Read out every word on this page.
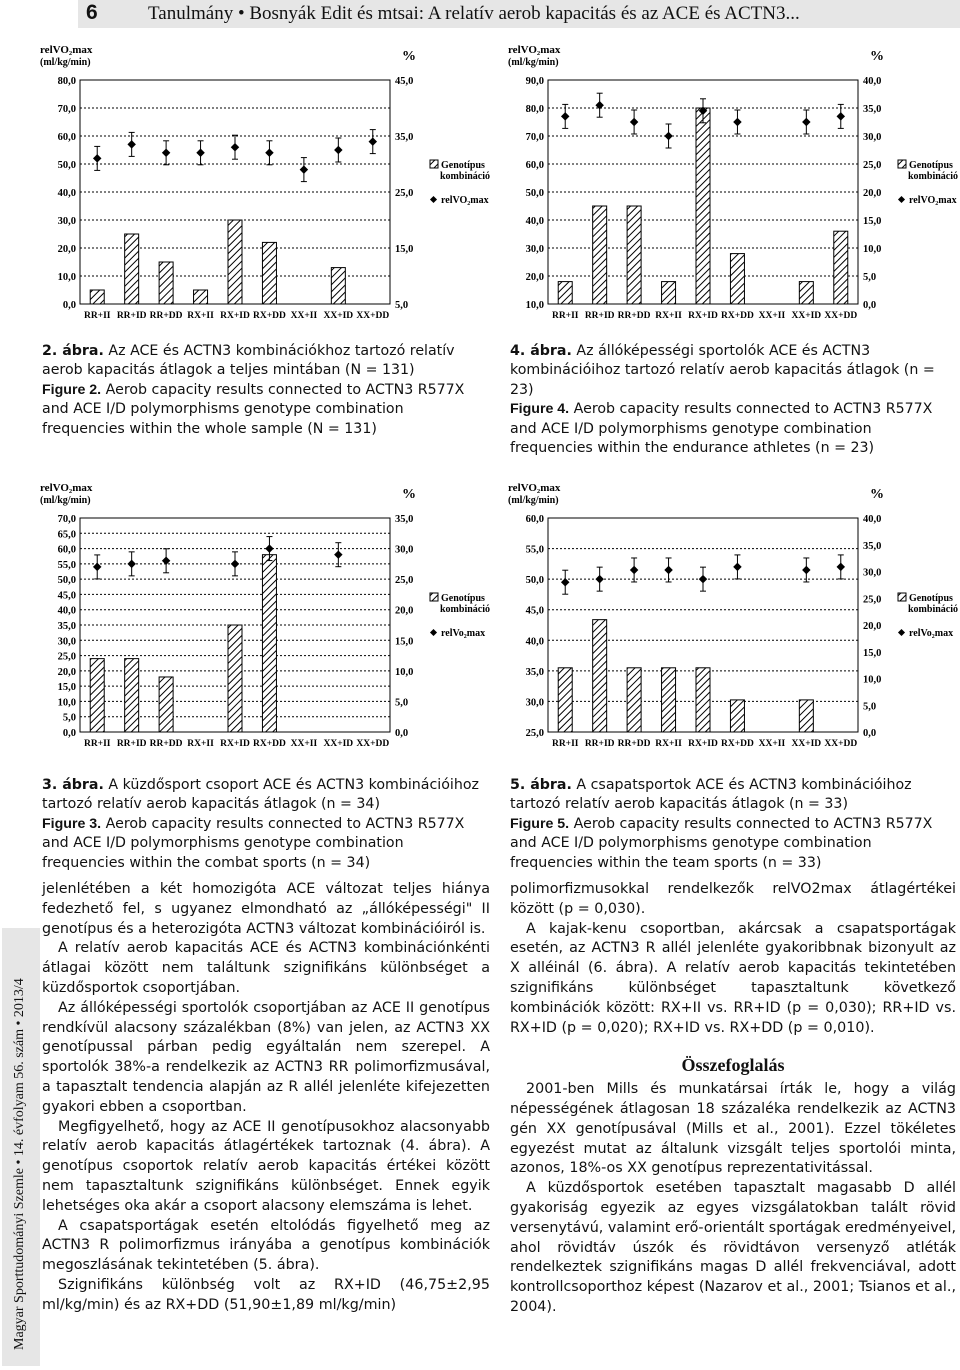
6	Tanulmány • Bosnyák Edit és mtsai: A relatív aerob kapacitás és az ACE és ACTN3...
Magyar Sporttudományi Szemle • 14. évfolyam 56. szám • 2013/4
relVO₂max
(ml/kg/min)	%
0,0
10,0
20,0
30,0
40,0
50,0
60,0
70,0
80,0
5,0
15,0
25,0
35,0
45,0
RR+II RR+ID RR+DD RX+II RX+ID RX+DD XX+II XX+ID XX+DD
Genotípus kombináció
relVO₂max
relVO₂max
(ml/kg/min)	%
10,0
20,0
30,0
40,0
50,0
60,0
70,0
80,0
90,0
0,0
5,0
10,0
15,0
20,0
25,0
30,0
35,0
40,0
RR+II RR+ID RR+DD RX+II RX+ID RX+DD XX+II XX+ID XX+DD
Genotípus kombináció
relVO₂max
relVO₂max
(ml/kg/min)	%
0,0
5,0
10,0
15,0
20,0
25,0
30,0
35,0
40,0
45,0
50,0
55,0
60,0
65,0
70,0
0,0
5,0
10,0
15,0
20,0
25,0
30,0
35,0
RR+II RR+ID RR+DD RX+II RX+ID RX+DD XX+II XX+ID XX+DD
Genotípus kombináció
relVo₂max
relVO₂max
(ml/kg/min)	%
25,0
30,0
35,0
40,0
45,0
50,0
55,0
60,0
0,0
5,0
10,0
15,0
20,0
25,0
30,0
35,0
40,0
RR+II RR+ID RR+DD RX+II RX+ID RX+DD XX+II XX+ID XX+DD
Genotípus kombináció
relVo₂max
2. ábra. Az ACE és ACTN3 kombinációkhoz tartozó relatív aerob kapacitás átlagok a teljes mintában (N = 131)
Figure 2. Aerob capacity results connected to ACTN3 R577X and ACE I/D polymorphisms genotype combination frequencies within the whole sample (N = 131)
4. ábra. Az állóképességi sportolók ACE és ACTN3 kombinációihoz tartozó relatív aerob kapacitás átlagok (n = 23)
Figure 4. Aerob capacity results connected to ACTN3 R577X and ACE I/D polymorphisms genotype combination frequencies within the endurance athletes (n = 23)
3. ábra. A küzdősport csoport ACE és ACTN3 kombinációihoz tartozó relatív aerob kapacitás átlagok (n = 34)
Figure 3. Aerob capacity results connected to ACTN3 R577X and ACE I/D polymorphisms genotype combination frequencies within the combat sports (n = 34)
5. ábra. A csapatsportok ACE és ACTN3 kombinációihoz tartozó relatív aerob kapacitás átlagok (n = 33)
Figure 5. Aerob capacity results connected to ACTN3 R577X and ACE I/D polymorphisms genotype combination frequencies within the team sports (n = 33)

jelenlétében a két homozigóta ACE változat teljes hiánya fedezhető fel, s ugyanez elmondható az „állóképességi" II genotípus és a heterozigóta ACTN3 változat kombinációiról is.

A relatív aerob kapacitás ACE és ACTN3 kombinációnkénti átlagai között nem találtunk szignifikáns különbséget a küzdősportok csoportjában.

Az állóképességi sportolók csoportjában az ACE II genotípus rendkívül alacsony százalékban (8%) van jelen, az ACTN3 XX genotípussal párban pedig egyáltalán nem szerepel. A sportolók 38%-a rendelkezik az ACTN3 RR polimorfizmusával, a tapasztalt tendencia alapján az R allél jelenléte kifejezetten gyakori ebben a csoportban.

Megfigyelhető, hogy az ACE II genotípusokhoz alacsonyabb relatív aerob kapacitás átlagértékek tartoznak (4. ábra). A genotípus csoportok relatív aerob kapacitás értékei között nem tapasztaltunk szignifikáns különbséget. Ennek egyik lehetséges oka akár a csoport alacsony elemszáma is lehet.

A csapatsportágak esetén eltolódás figyelhető meg az ACTN3 R polimorfizmus irányába a genotípus kombinációk megoszlásának tekintetében (5. ábra).

Szignifikáns különbség volt az RX+ID (46,75±2,95 ml/kg/min) és az RX+DD (51,90±1,89 ml/kg/min)

polimorfizmusokkal rendelkezők relVO2max átlagértékei között (p = 0,030).

A kajak-kenu csoportban, akárcsak a csapatsportágak esetén, az ACTN3 R allél jelenléte gyakoribbnak bizonyult az X alléinál (6. ábra). A relatív aerob kapacitás tekintetében szignifikáns különbséget tapasztaltunk következő kombinációk között: RX+II vs. RR+ID (p = 0,030); RR+ID vs. RX+ID (p = 0,020); RX+ID vs. RX+DD (p = 0,010).

Összefoglalás

2001-ben Mills és munkatársai írták le, hogy a világ népességének átlagosan 18 százaléka rendelkezik az ACTN3 gén XX genotípusával (Mills et al., 2001). Ezzel tökéletes egyezést mutat az általunk vizsgált teljes sportolói minta, azonos, 18%-os XX genotípus reprezentativitással.

A küzdősportok esetében tapasztalt magasabb D allél gyakoriság egyezik az egyes vizsgálatokban talált rövid versenytávú, valamint erő-orientált sportágak eredményeivel, ahol rövidtáv úszók és rövidtávon versenyző atléták rendelkeztek szignifikáns magas D allél frekvenciával, adott kontrollcsoporthoz képest (Nazarov et al., 2001; Tsianos et al., 2004).
